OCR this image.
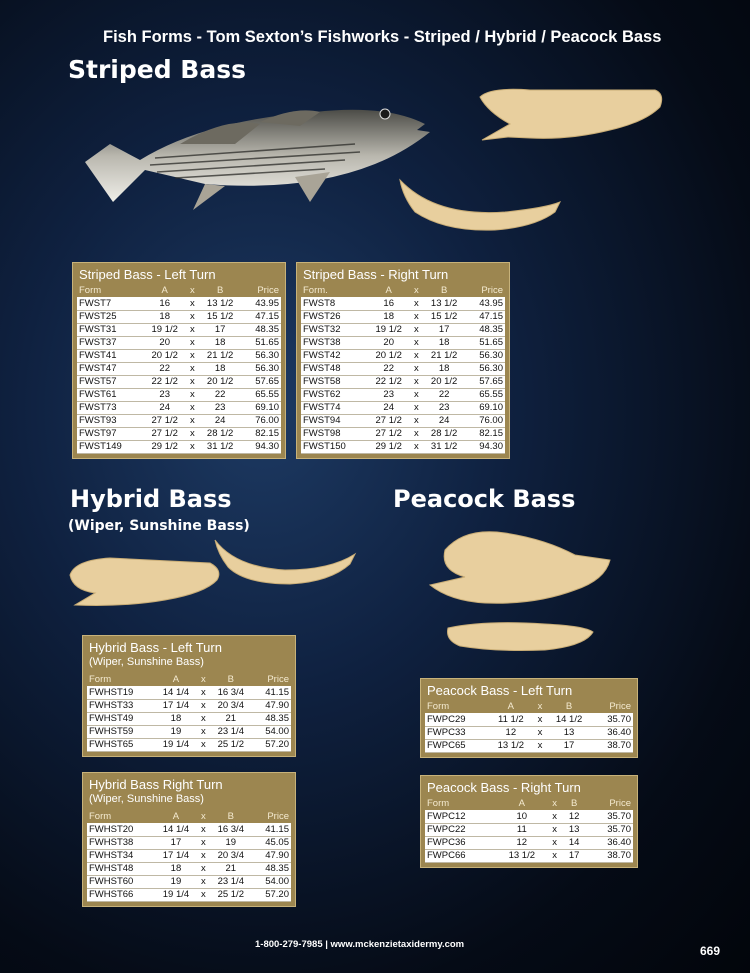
Fish Forms - Tom Sexton’s Fishworks - Striped / Hybrid / Peacock Bass
Striped Bass
Hybrid Bass
(Wiper, Sunshine Bass)
Peacock Bass
Striped Bass - Left Turn
Form	A	x	B	Price
FWST7	16	x	13 1/2	43.95
FWST25	18	x	15 1/2	47.15
FWST31	19 1/2	x	17	48.35
FWST37	20	x	18	51.65
FWST41	20 1/2	x	21 1/2	56.30
FWST47	22	x	18	56.30
FWST57	22 1/2	x	20 1/2	57.65
FWST61	23	x	22	65.55
FWST73	24	x	23	69.10
FWST93	27 1/2	x	24	76.00
FWST97	27 1/2	x	28 1/2	82.15
FWST149	29 1/2	x	31 1/2	94.30
Striped Bass - Right Turn
Form.	A	x	B	Price
FWST8	16	x	13 1/2	43.95
FWST26	18	x	15 1/2	47.15
FWST32	19 1/2	x	17	48.35
FWST38	20	x	18	51.65
FWST42	20 1/2	x	21 1/2	56.30
FWST48	22	x	18	56.30
FWST58	22 1/2	x	20 1/2	57.65
FWST62	23	x	22	65.55
FWST74	24	x	23	69.10
FWST94	27 1/2	x	24	76.00
FWST98	27 1/2	x	28 1/2	82.15
FWST150	29 1/2	x	31 1/2	94.30
Hybrid Bass - Left Turn
(Wiper, Sunshine Bass)
Form	A	x	B	Price
FWHST19	14 1/4	x	16 3/4	41.15
FWHST33	17 1/4	x	20 3/4	47.90
FWHST49	18	x	21	48.35
FWHST59	19	x	23 1/4	54.00
FWHST65	19 1/4	x	25 1/2	57.20
Hybrid Bass Right Turn
(Wiper, Sunshine Bass)
Form	A	x	B	Price
FWHST20	14 1/4	x	16 3/4	41.15
FWHST38	17	x	19	45.05
FWHST34	17 1/4	x	20 3/4	47.90
FWHST48	18	x	21	48.35
FWHST60	19	x	23 1/4	54.00
FWHST66	19 1/4	x	25 1/2	57.20
Peacock Bass - Left Turn
Form	A	x	B	Price
FWPC29	11 1/2	x	14 1/2	35.70
FWPC33	12	x	13	36.40
FWPC65	13 1/2	x	17	38.70
Peacock Bass - Right Turn
Form	A	x	B	Price
FWPC12	10	x	12	35.70
FWPC22	11	x	13	35.70
FWPC36	12	x	14	36.40
FWPC66	13 1/2	x	17	38.70
1-800-279-7985 | www.mckenzietaxidermy.com	669
